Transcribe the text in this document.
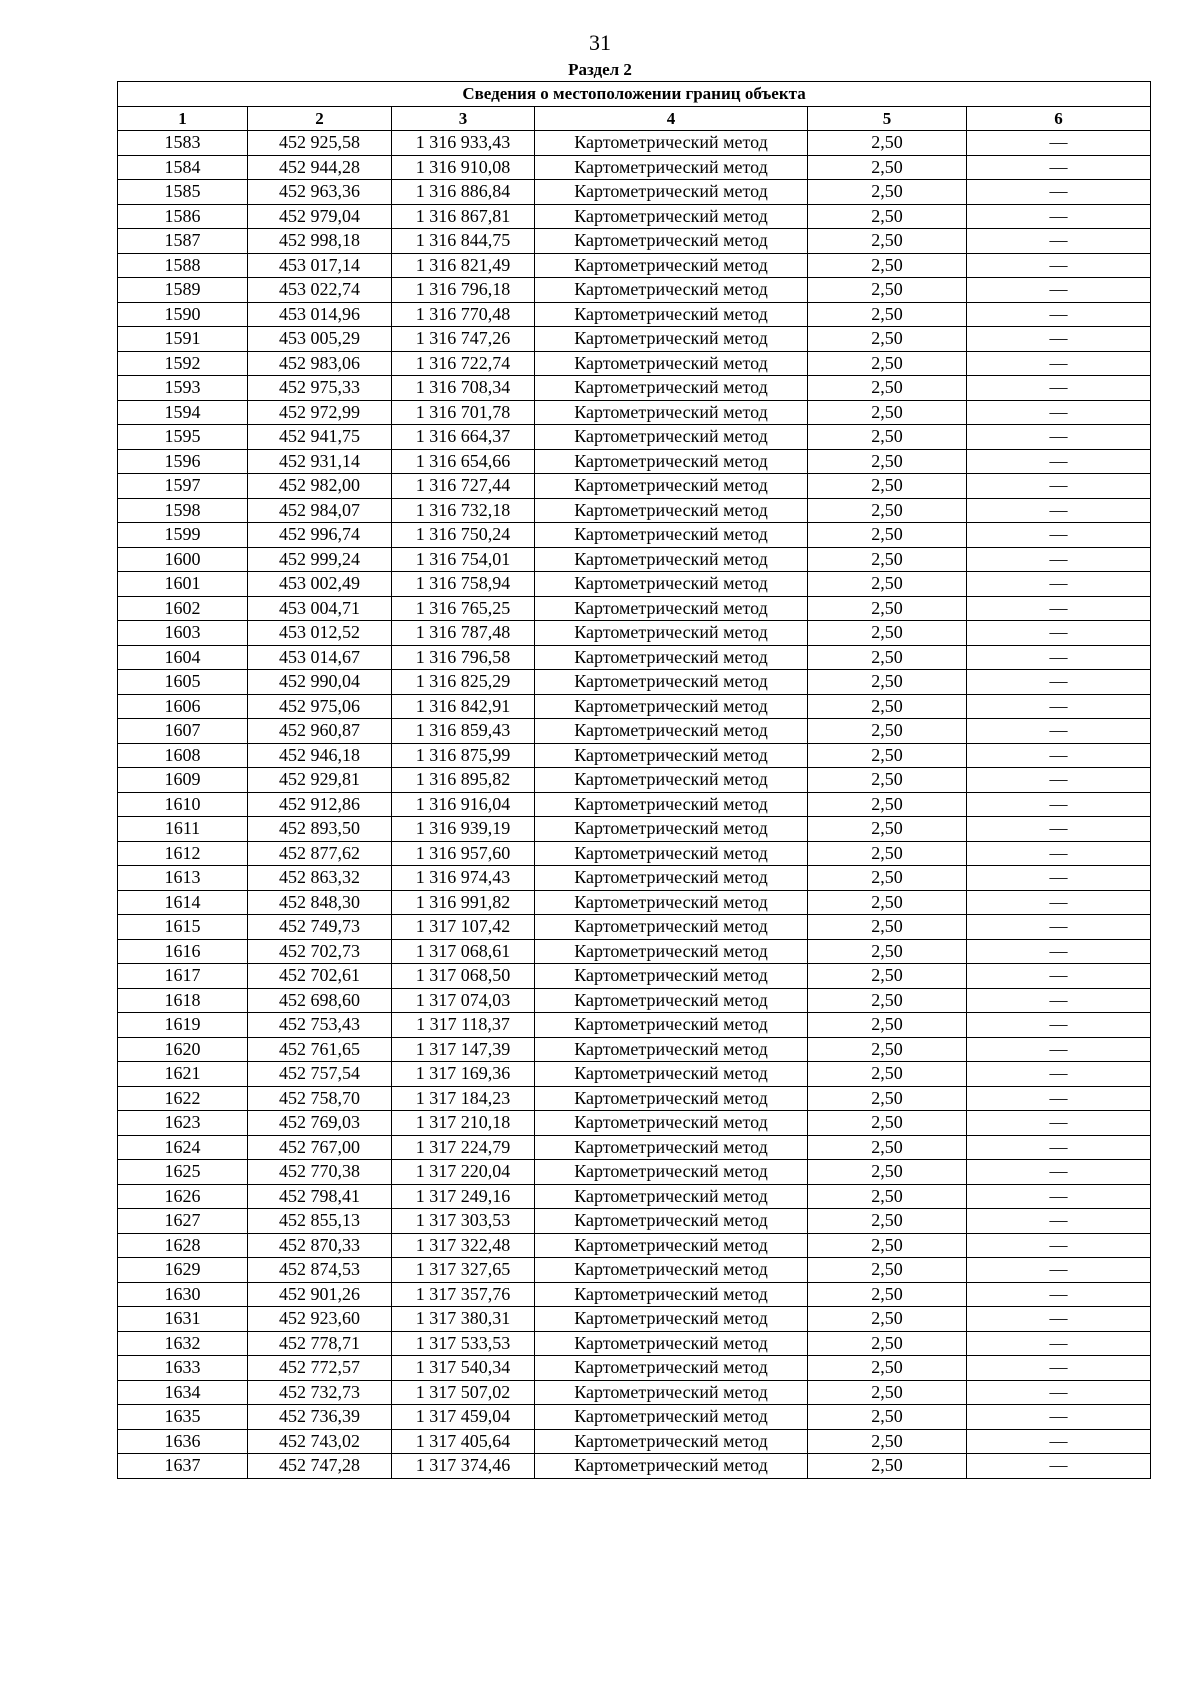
31
Раздел 2
Сведения о местоположении границ объекта					
1	2	3	4	5	6
1583	452 925,58	1 316 933,43	Картометрический метод	2,50	—
1584	452 944,28	1 316 910,08	Картометрический метод	2,50	—
1585	452 963,36	1 316 886,84	Картометрический метод	2,50	—
1586	452 979,04	1 316 867,81	Картометрический метод	2,50	—
1587	452 998,18	1 316 844,75	Картометрический метод	2,50	—
1588	453 017,14	1 316 821,49	Картометрический метод	2,50	—
1589	453 022,74	1 316 796,18	Картометрический метод	2,50	—
1590	453 014,96	1 316 770,48	Картометрический метод	2,50	—
1591	453 005,29	1 316 747,26	Картометрический метод	2,50	—
1592	452 983,06	1 316 722,74	Картометрический метод	2,50	—
1593	452 975,33	1 316 708,34	Картометрический метод	2,50	—
1594	452 972,99	1 316 701,78	Картометрический метод	2,50	—
1595	452 941,75	1 316 664,37	Картометрический метод	2,50	—
1596	452 931,14	1 316 654,66	Картометрический метод	2,50	—
1597	452 982,00	1 316 727,44	Картометрический метод	2,50	—
1598	452 984,07	1 316 732,18	Картометрический метод	2,50	—
1599	452 996,74	1 316 750,24	Картометрический метод	2,50	—
1600	452 999,24	1 316 754,01	Картометрический метод	2,50	—
1601	453 002,49	1 316 758,94	Картометрический метод	2,50	—
1602	453 004,71	1 316 765,25	Картометрический метод	2,50	—
1603	453 012,52	1 316 787,48	Картометрический метод	2,50	—
1604	453 014,67	1 316 796,58	Картометрический метод	2,50	—
1605	452 990,04	1 316 825,29	Картометрический метод	2,50	—
1606	452 975,06	1 316 842,91	Картометрический метод	2,50	—
1607	452 960,87	1 316 859,43	Картометрический метод	2,50	—
1608	452 946,18	1 316 875,99	Картометрический метод	2,50	—
1609	452 929,81	1 316 895,82	Картометрический метод	2,50	—
1610	452 912,86	1 316 916,04	Картометрический метод	2,50	—
1611	452 893,50	1 316 939,19	Картометрический метод	2,50	—
1612	452 877,62	1 316 957,60	Картометрический метод	2,50	—
1613	452 863,32	1 316 974,43	Картометрический метод	2,50	—
1614	452 848,30	1 316 991,82	Картометрический метод	2,50	—
1615	452 749,73	1 317 107,42	Картометрический метод	2,50	—
1616	452 702,73	1 317 068,61	Картометрический метод	2,50	—
1617	452 702,61	1 317 068,50	Картометрический метод	2,50	—
1618	452 698,60	1 317 074,03	Картометрический метод	2,50	—
1619	452 753,43	1 317 118,37	Картометрический метод	2,50	—
1620	452 761,65	1 317 147,39	Картометрический метод	2,50	—
1621	452 757,54	1 317 169,36	Картометрический метод	2,50	—
1622	452 758,70	1 317 184,23	Картометрический метод	2,50	—
1623	452 769,03	1 317 210,18	Картометрический метод	2,50	—
1624	452 767,00	1 317 224,79	Картометрический метод	2,50	—
1625	452 770,38	1 317 220,04	Картометрический метод	2,50	—
1626	452 798,41	1 317 249,16	Картометрический метод	2,50	—
1627	452 855,13	1 317 303,53	Картометрический метод	2,50	—
1628	452 870,33	1 317 322,48	Картометрический метод	2,50	—
1629	452 874,53	1 317 327,65	Картометрический метод	2,50	—
1630	452 901,26	1 317 357,76	Картометрический метод	2,50	—
1631	452 923,60	1 317 380,31	Картометрический метод	2,50	—
1632	452 778,71	1 317 533,53	Картометрический метод	2,50	—
1633	452 772,57	1 317 540,34	Картометрический метод	2,50	—
1634	452 732,73	1 317 507,02	Картометрический метод	2,50	—
1635	452 736,39	1 317 459,04	Картометрический метод	2,50	—
1636	452 743,02	1 317 405,64	Картометрический метод	2,50	—
1637	452 747,28	1 317 374,46	Картометрический метод	2,50	—
